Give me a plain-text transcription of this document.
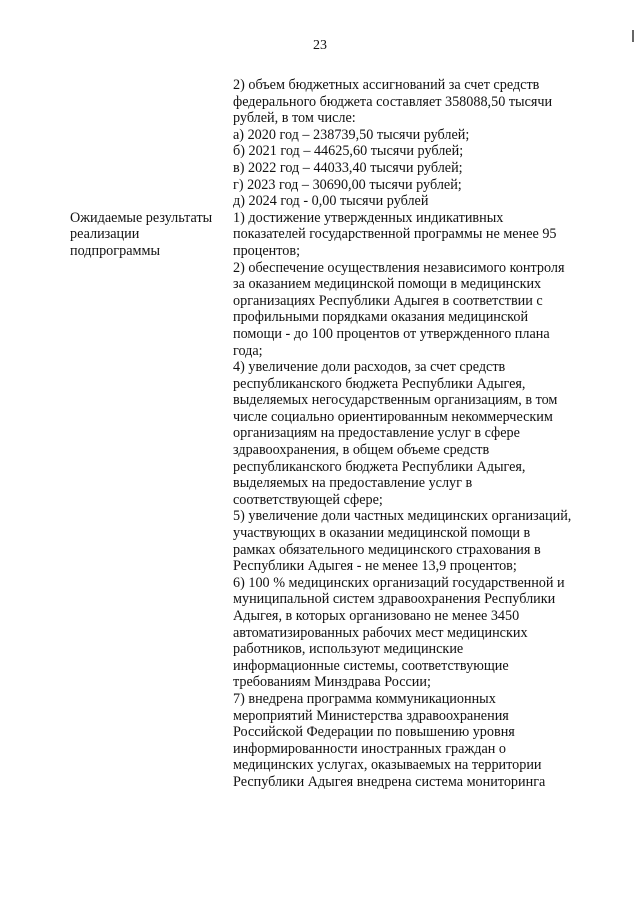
23
2) объем бюджетных ассигнований за счет средств
федерального бюджета составляет 358088,50 тысячи
рублей, в том числе:
а) 2020 год – 238739,50 тысячи рублей;
б) 2021 год – 44625,60 тысячи рублей;
в) 2022 год – 44033,40 тысячи рублей;
г) 2023 год – 30690,00 тысячи рублей;
д) 2024 год - 0,00 тысячи рублей
Ожидаемые результаты 1) достижение утвержденных индикативных
реализации	показателей государственной программы не менее 95
подпрограммы	процентов;
2) обеспечение осуществления независимого контроля
за оказанием медицинской помощи в медицинских
организациях Республики Адыгея в соответствии с
профильными порядками оказания медицинской
помощи - до 100 процентов от утвержденного плана
года;
4) увеличение доли расходов, за счет средств
республиканского бюджета Республики Адыгея,
выделяемых негосударственным организациям, в том
числе социально ориентированным некоммерческим
организациям на предоставление услуг в сфере
здравоохранения, в общем объеме средств
республиканского бюджета Республики Адыгея,
выделяемых на предоставление услуг в
соответствующей сфере;
5) увеличение доли частных медицинских организаций,
участвующих в оказании медицинской помощи в
рамках обязательного медицинского страхования в
Республики Адыгея - не менее 13,9 процентов;
6) 100 % медицинских организаций государственной и
муниципальной систем здравоохранения Республики
Адыгея, в которых организовано не менее 3450
автоматизированных рабочих мест медицинских
работников, используют медицинские
информационные системы, соответствующие
требованиям Минздрава России;
7) внедрена программа коммуникационных
мероприятий Министерства здравоохранения
Российской Федерации по повышению уровня
информированности иностранных граждан о
медицинских услугах, оказываемых на территории
Республики Адыгея внедрена система мониторинга
